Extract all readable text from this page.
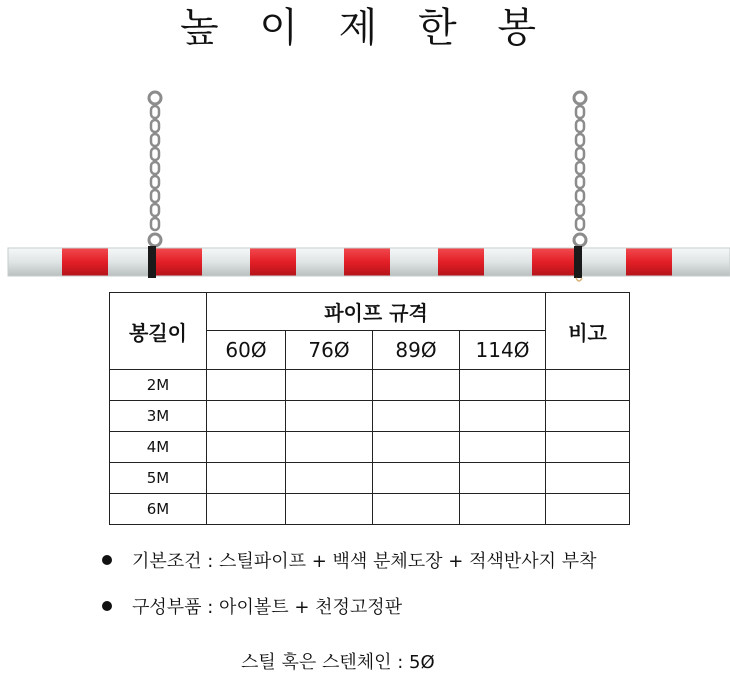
높 이 제 한 봉
봉길이	파이프 규격				비고
	60Ø	76Ø	89Ø	114Ø	
2M					
3M					
4M					
5M					
6M					
기본조건 : 스틸파이프 + 백색 분체도장 + 적색반사지 부착
구성부품 : 아이볼트 + 천정고정판
스틸 혹은 스텐체인 : 5Ø
